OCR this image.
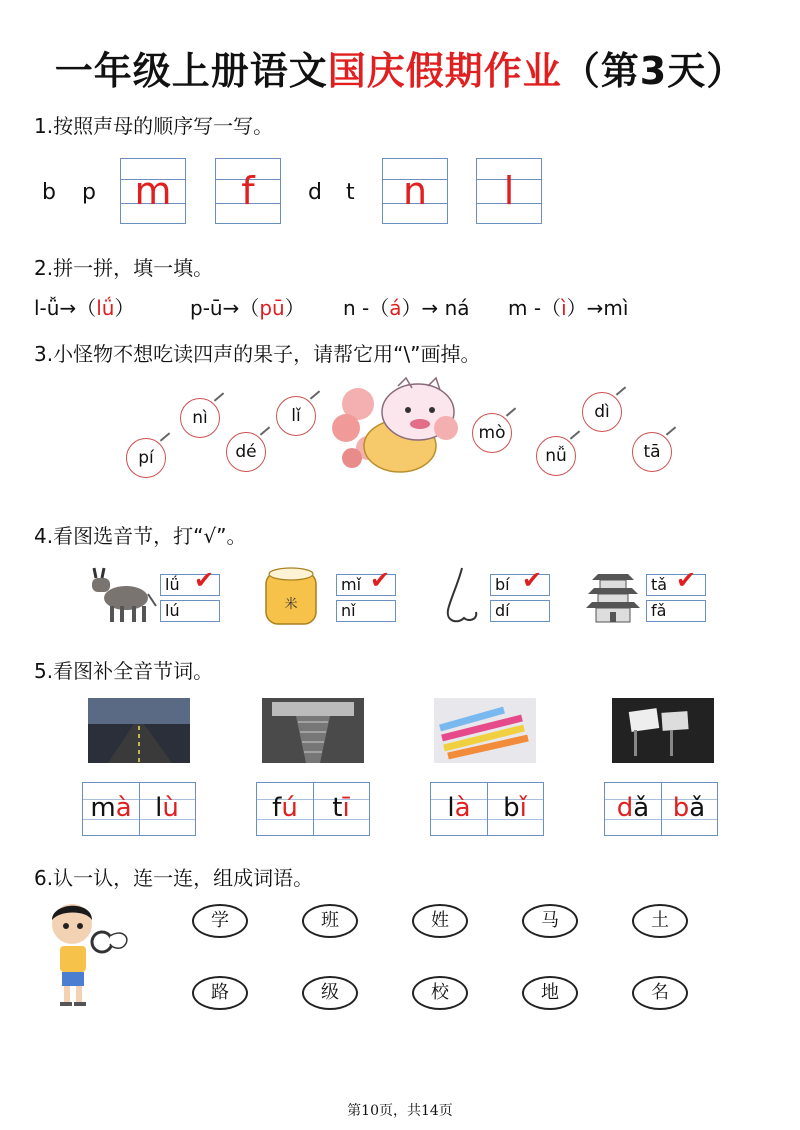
一年级上册语文国庆假期作业（第3天）
1.按照声母的顺序写一写。
b p	m	f	d t	n	l
2.拼一拼，填一填。
l-ǚ→（lǘ）	p-ū→（pū） n -（á）→ ná m -（ì）→mì
3.小怪物不想吃读四声的果子，请帮它用“\”画掉。
nì	lǐ
pí	dé
mò
dì
nǚ	tā
4.看图选音节，打“√”。
lǘ
lú
✔
米
mǐ
nǐ
✔	bí
dí
✔	tǎ
fǎ
✔
5.看图补全音节词。
mà lù	fú	tī	là	bǐ	dǎ bǎ
6.认一认，连一连，组成词语。
学	班	姓	马	土
路	级	校	地	名
第10页，共14页
